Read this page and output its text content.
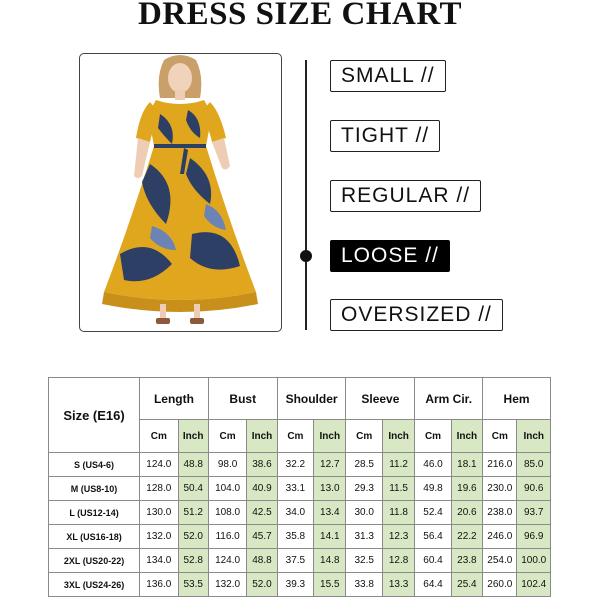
DRESS SIZE CHART
SMALL //
TIGHT //
REGULAR //
LOOSE //
OVERSIZED //
Size (E16)	Length		Bust		Shoulder		Sleeve		Arm Cir.		Hem	
	Cm	Inch	Cm	Inch	Cm	Inch	Cm	Inch	Cm	Inch	Cm	Inch
S (US4-6)	124.0	48.8	98.0	38.6	32.2	12.7	28.5	11.2	46.0	18.1	216.0	85.0
M (US8-10)	128.0	50.4	104.0	40.9	33.1	13.0	29.3	11.5	49.8	19.6	230.0	90.6
L (US12-14)	130.0	51.2	108.0	42.5	34.0	13.4	30.0	11.8	52.4	20.6	238.0	93.7
XL (US16-18)	132.0	52.0	116.0	45.7	35.8	14.1	31.3	12.3	56.4	22.2	246.0	96.9
2XL (US20-22)	134.0	52.8	124.0	48.8	37.5	14.8	32.5	12.8	60.4	23.8	254.0	100.0
3XL (US24-26)	136.0	53.5	132.0	52.0	39.3	15.5	33.8	13.3	64.4	25.4	260.0	102.4
